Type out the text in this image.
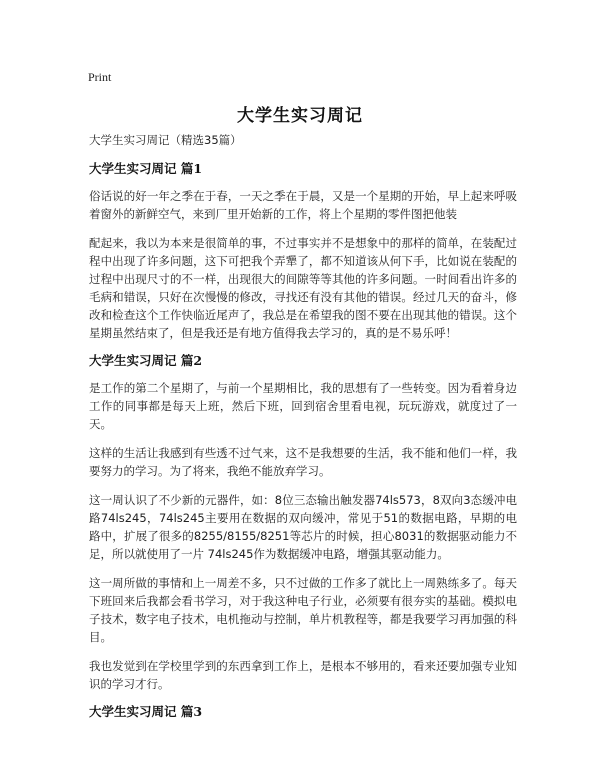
Print
大学生实习周记

大学生实习周记（精选35篇）

大学生实习周记 篇1

俗话说的好一年之季在于春，一天之季在于晨，又是一个星期的开始，早上起来呼吸着窗外的新鲜空气，来到厂里开始新的工作，将上个星期的零件图把他装

配起来，我以为本来是很简单的事，不过事实并不是想象中的那样的简单，在装配过程中出现了许多问题，这下可把我个弄犟了，都不知道该从何下手，比如说在装配的过程中出现尺寸的不一样，出现很大的间隙等等其他的许多问题。一时间看出许多的毛病和错误，只好在次慢慢的修改，寻找还有没有其他的错误。经过几天的奋斗，修改和检查这个工作快临近尾声了，我总是在希望我的图不要在出现其他的错误。这个星期虽然结束了，但是我还是有地方值得我去学习的，真的是不易乐呼！

大学生实习周记 篇2

是工作的第二个星期了，与前一个星期相比，我的思想有了一些转变。因为看着身边工作的同事都是每天上班，然后下班，回到宿舍里看电视，玩玩游戏，就度过了一天。

这样的生活让我感到有些透不过气来，这不是我想要的生活，我不能和他们一样，我要努力的学习。为了将来，我绝不能放弃学习。

这一周认识了不少新的元器件，如：8位三态输出触发器74ls573，8双向3态缓冲电路74ls245，74ls245主要用在数据的双向缓冲，常见于51的数据电路，早期的电路中，扩展了很多的8255/8155/8251等芯片的时候，担心8031的数据驱动能力不足，所以就使用了一片 74ls245作为数据缓冲电路，增强其驱动能力。

这一周所做的事情和上一周差不多，只不过做的工作多了就比上一周熟练多了。每天下班回来后我都会看书学习，对于我这种电子行业，必须要有很夯实的基础。模拟电子技术，数字电子技术，电机拖动与控制，单片机教程等，都是我要学习再加强的科目。

我也发觉到在学校里学到的东西拿到工作上，是根本不够用的，看来还要加强专业知识的学习才行。

大学生实习周记 篇3
